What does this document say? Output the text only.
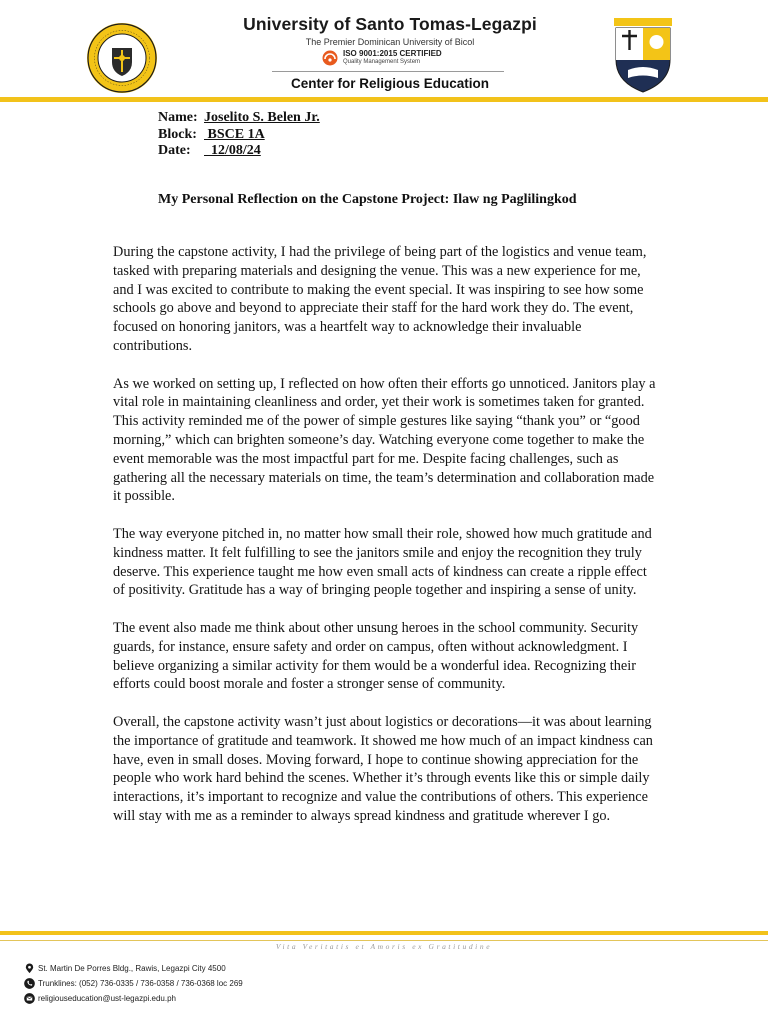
University of Santo Tomas-Legazpi
The Premier Dominican University of Bicol
ISO 9001:2015 CERTIFIED
Quality Management System
Center for Religious Education
Name: Joselito S. Belen Jr.
Block: BSCE 1A
Date: 12/08/24
My Personal Reflection on the Capstone Project: Ilaw ng Paglilingkod

During the capstone activity, I had the privilege of being part of the logistics and venue team, tasked with preparing materials and designing the venue. This was a new experience for me, and I was excited to contribute to making the event special. It was inspiring to see how some schools go above and beyond to appreciate their staff for the hard work they do. The event, focused on honoring janitors, was a heartfelt way to acknowledge their invaluable contributions.

As we worked on setting up, I reflected on how often their efforts go unnoticed. Janitors play a vital role in maintaining cleanliness and order, yet their work is sometimes taken for granted. This activity reminded me of the power of simple gestures like saying “thank you” or “good morning,” which can brighten someone’s day. Watching everyone come together to make the event memorable was the most impactful part for me. Despite facing challenges, such as gathering all the necessary materials on time, the team’s determination and collaboration made it possible.

The way everyone pitched in, no matter how small their role, showed how much gratitude and kindness matter. It felt fulfilling to see the janitors smile and enjoy the recognition they truly deserve. This experience taught me how even small acts of kindness can create a ripple effect of positivity. Gratitude has a way of bringing people together and inspiring a sense of unity.

The event also made me think about other unsung heroes in the school community. Security guards, for instance, ensure safety and order on campus, often without acknowledgment. I believe organizing a similar activity for them would be a wonderful idea. Recognizing their efforts could boost morale and foster a stronger sense of community.

Overall, the capstone activity wasn’t just about logistics or decorations—it was about learning the importance of gratitude and teamwork. It showed me how much of an impact kindness can have, even in small doses. Moving forward, I hope to continue showing appreciation for the people who work hard behind the scenes. Whether it’s through events like this or simple daily interactions, it’s important to recognize and value the contributions of others. This experience will stay with me as a reminder to always spread kindness and gratitude wherever I go.

Vita Veritatis et Amoris ex Gratitudine
St. Martin De Porres Bldg., Rawis, Legazpi City 4500
Trunklines: (052) 736-0335 / 736-0358 / 736-0368 loc 269
religiouseducation@ust-legazpi.edu.ph
